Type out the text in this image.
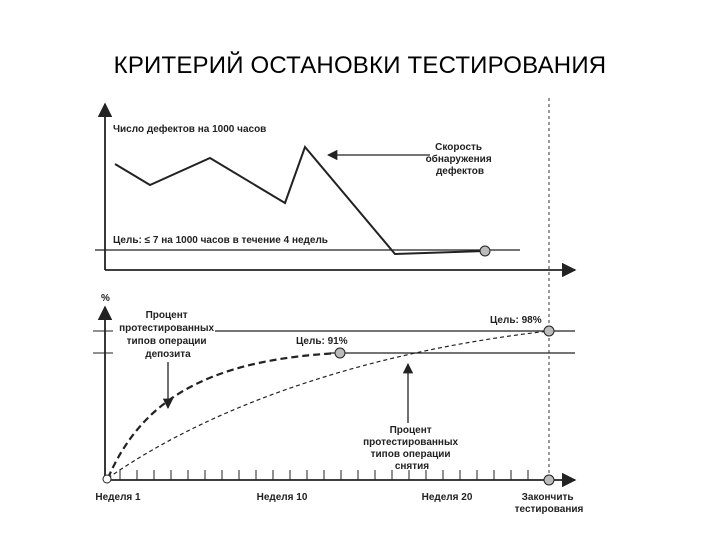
КРИТЕРИЙ ОСТАНОВКИ ТЕСТИРОВАНИЯ
Число дефектов на 1000 часов
Цель: ≤ 7 на 1000 часов в течение 4 недель
Скорость обнаружения дефектов
%
Цель: 98%
Цель: 91%
Процент протестированных типов операции депозита
Процент протестированных типов операции снятия
Неделя 1	Неделя 10	Неделя 20	Закончить тестирования
